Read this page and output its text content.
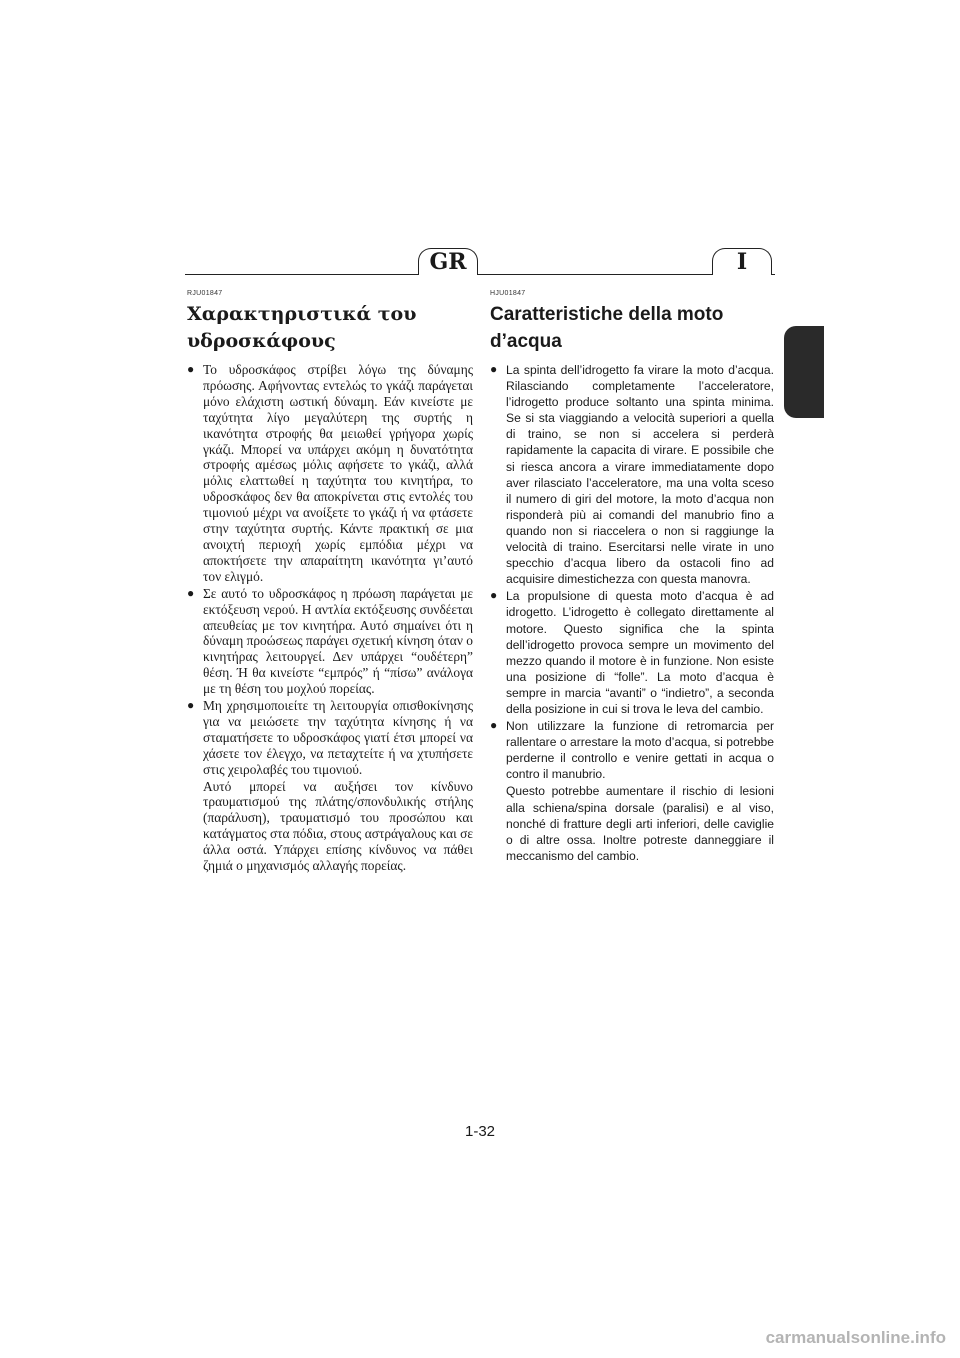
GR	I
RJU01847
Χαρακτηριστικά του
υδροσκάφους
● Το υδροσκάφος στρίβει λόγω της δύναμης πρόωσης. Αφήνοντας εντελώς το γκάζι παράγεται μόνο ελάχιστη ωστική δύναμη. Εάν κινείστε με ταχύτητα λίγο μεγαλύτερη της συρτής η ικανότητα στροφής θα μειωθεί γρήγορα χωρίς γκάζι. Μπορεί να υπάρχει ακόμη η δυνατότητα στροφής αμέσως μόλις αφήσετε το γκάζι, αλλά μόλις ελαττωθεί η ταχύτητα του κινητήρα, το υδροσκάφος δεν θα αποκρίνεται στις εντολές του τιμονιού μέχρι να ανοίξετε το γκάζι ή να φτάσετε στην ταχύτητα συρτής. Κάντε πρακτική σε μια ανοιχτή περιοχή χωρίς εμπόδια μέχρι να αποκτήσετε την απαραίτητη ικανότητα γι’αυτό τον ελιγμό.
● Σε αυτό το υδροσκάφος η πρόωση παράγεται με εκτόξευση νερού. Η αντλία εκτόξευσης συνδέεται απευθείας με τον κινητήρα. Αυτό σημαίνει ότι η δύναμη προώσεως παράγει σχετική κίνηση όταν ο κινητήρας λειτουργεί. Δεν υπάρχει “ουδέτερη” θέση. Ή θα κινείστε “εμπρός” ή “πίσω” ανάλογα με τη θέση του μοχλού πορείας.
● Μη χρησιμοποιείτε τη λειτουργία οπισθοκίνησης για να μειώσετε την ταχύτητα κίνησης ή να σταματήσετε το υδροσκάφος γιατί έτσι μπορεί να χάσετε τον έλεγχο, να πεταχτείτε ή να χτυπήσετε στις χειρολαβές του τιμονιού.
Αυτό μπορεί να αυξήσει τον κίνδυνο τραυματισμού της πλάτης/σπονδυλικής στήλης (παράλυση), τραυματισμό του προσώπου και κατάγματος στα πόδια, στους αστράγαλους και σε άλλα οστά. Υπάρχει επίσης κίνδυνος να πάθει ζημιά ο μηχανισμός αλλαγής πορείας.
HJU01847
Caratteristiche della moto
d’acqua
● La spinta dell’idrogetto fa virare la moto d’acqua. Rilasciando completamente l’acceleratore, l’idrogetto produce soltanto una spinta minima. Se si sta viaggiando a velocità superiori a quella di traino, se non si accelera si perderà rapidamente la capacita di virare. E possibile che si riesca ancora a virare immediatamente dopo aver rilasciato l’acceleratore, ma una volta sceso il numero di giri del motore, la moto d’acqua non risponderà più ai comandi del manubrio fino a quando non si riaccelera o non si raggiunge la velocità di traino. Esercitarsi nelle virate in uno specchio d’acqua libero da ostacoli fino ad acquisire dimestichezza con questa manovra.
● La propulsione di questa moto d’acqua è ad idrogetto. L’idrogetto è collegato direttamente al motore. Questo significa che la spinta dell’idrogetto provoca sempre un movimento del mezzo quando il motore è in funzione. Non esiste una posizione di “folle”. La moto d’acqua è sempre in marcia “avanti” o “indietro”, a seconda della posizione in cui si trova le leva del cambio.
● Non utilizzare la funzione di retromarcia per rallentare o arrestare la moto d’acqua, si potrebbe perderne il controllo e venire gettati in acqua o contro il manubrio.
Questo potrebbe aumentare il rischio di lesioni alla schiena/spina dorsale (paralisi) e al viso, nonché di fratture degli arti inferiori, delle caviglie o di altre ossa. Inoltre potreste danneggiare il meccanismo del cambio.
1-32
carmanualsonline.info
